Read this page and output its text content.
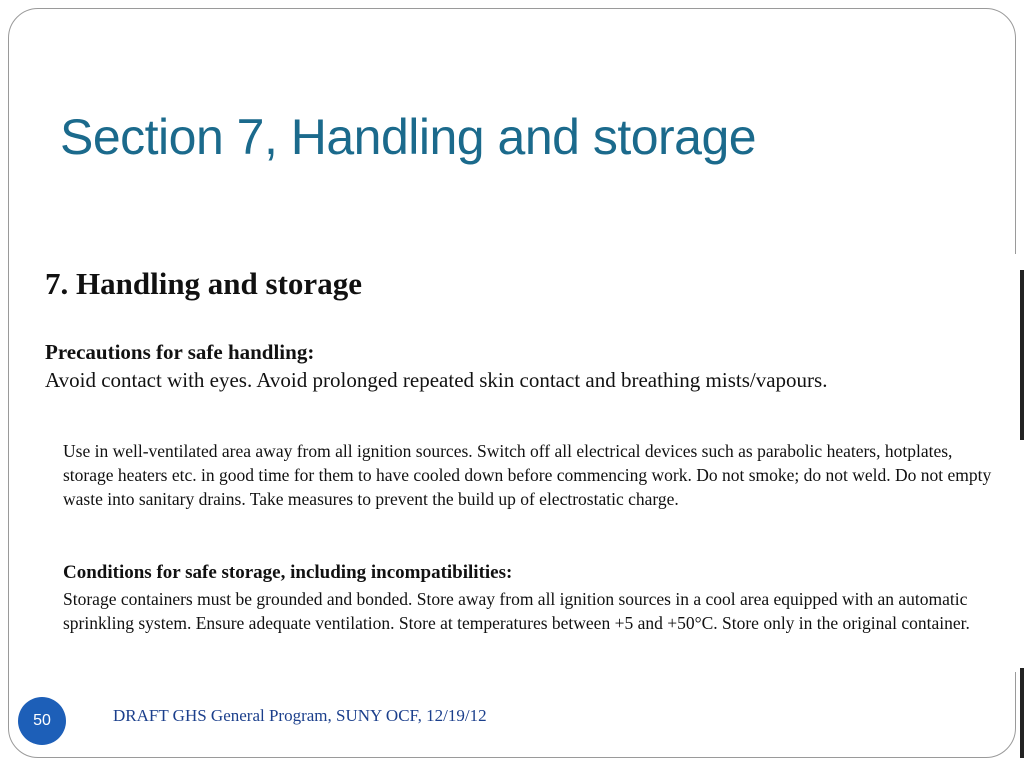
Section 7, Handling and storage
7. Handling and storage

Precautions for safe handling:

Avoid contact with eyes. Avoid prolonged repeated skin contact and breathing mists/vapours.

Use in well-ventilated area away from all ignition sources. Switch off all electrical devices such as parabolic heaters, hotplates, storage heaters etc. in good time for them to have cooled down before commencing work. Do not smoke; do not weld. Do not empty waste into sanitary drains. Take measures to prevent the build up of electrostatic charge.

Conditions for safe storage, including incompatibilities:

Storage containers must be grounded and bonded. Store away from all ignition sources in a cool area equipped with an automatic sprinkling system. Ensure adequate ventilation. Store at temperatures between +5 and +50°C. Store only in the original container.

50	DRAFT GHS General Program, SUNY OCF, 12/19/12
